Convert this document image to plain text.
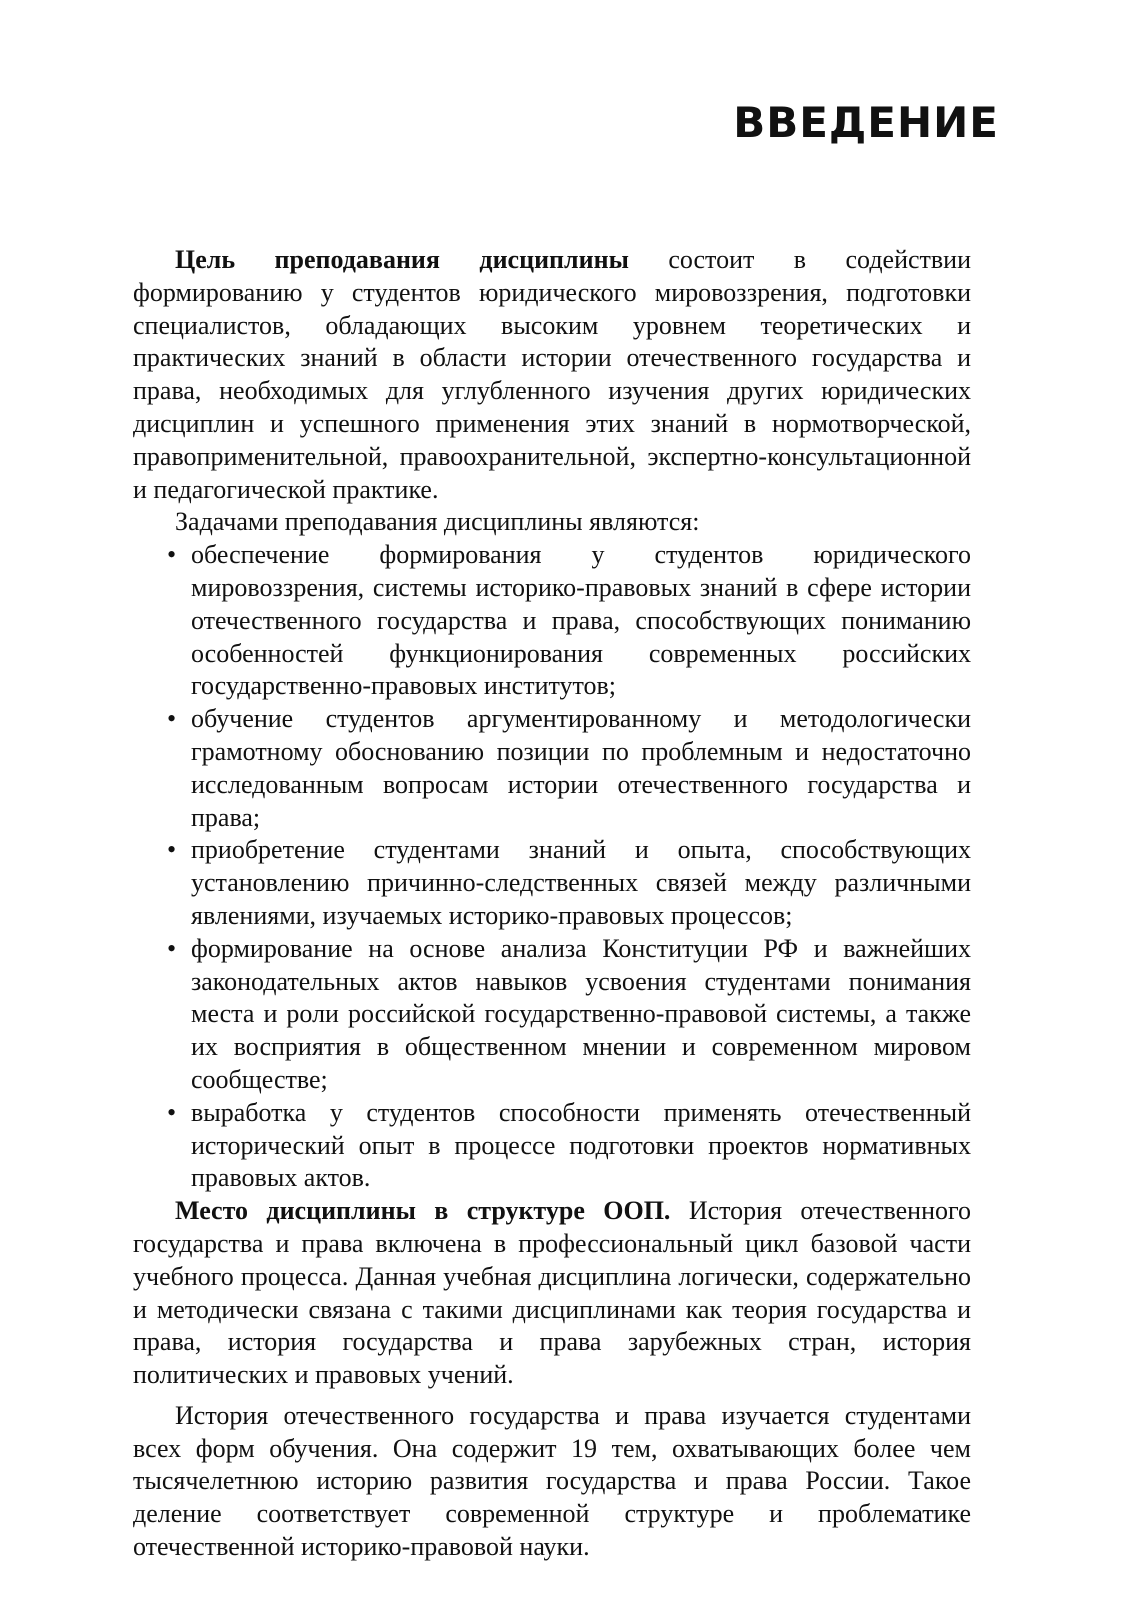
ВВЕДЕНИЕ

Цель преподавания дисциплины состоит в содействии формированию у студентов юридического мировоззрения, подготовки специалистов, обладающих высоким уровнем теоретических и практических знаний в области истории отечественного государства и права, необходимых для углубленного изучения других юридических дисциплин и успешного применения этих знаний в нормотворческой, правоприменительной, правоохранительной, экспертно-консультационной и педагогической практике.

Задачами преподавания дисциплины являются:

• обеспечение формирования у студентов юридического мировоззрения, системы историко-правовых знаний в сфере истории отечественного государства и права, способствующих пониманию особенностей функционирования современных российских государственно-правовых институтов;
• обучение студентов аргументированному и методологически грамотному обоснованию позиции по проблемным и недостаточно исследованным вопросам истории отечественного государства и права;
• приобретение студентами знаний и опыта, способствующих установлению причинно-следственных связей между различными явлениями, изучаемых историко-правовых процессов;
• формирование на основе анализа Конституции РФ и важнейших законодательных актов навыков усвоения студентами понимания места и роли российской государственно-правовой системы, а также их восприятия в общественном мнении и современном мировом сообществе;
• выработка у студентов способности применять отечественный исторический опыт в процессе подготовки проектов нормативных правовых актов.

Место дисциплины в структуре ООП. История отечественного государства и права включена в профессиональный цикл базовой части учебного процесса. Данная учебная дисциплина логически, содержательно и методически связана с такими дисциплинами как теория государства и права, история государства и права зарубежных стран, история политических и правовых учений.

История отечественного государства и права изучается студентами всех форм обучения. Она содержит 19 тем, охватывающих более чем тысячелетнюю историю развития государства и права России. Такое деление соответствует современной структуре и проблематике отечественной историко-правовой науки.
